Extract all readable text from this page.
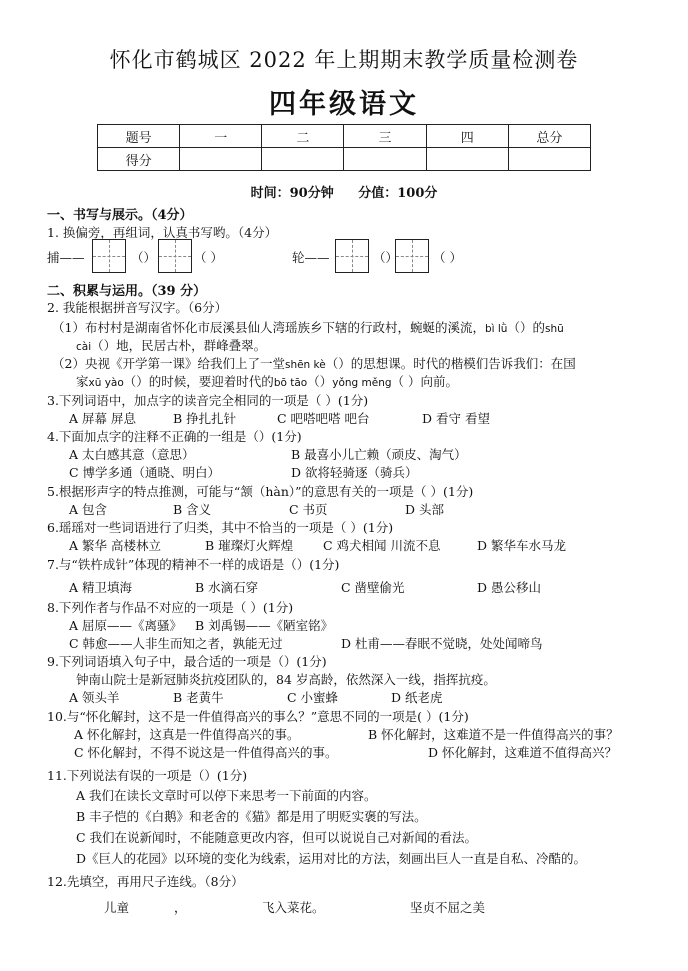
怀化市鹤城区 2022 年上期期末教学质量检测卷
四年级语文
题号	一	二	三	四	总分
得分					
时间：90分钟 分值：100分
一、书写与展示。（4分）
1. 换偏旁，再组词，认真书写哟。（4分）
捕——	（）	（ ）	轮——	（）	（ ）
二、积累与运用。（39 分）
2. 我能根据拼音写汉字。（6分）
（1）布村村是湖南省怀化市辰溪县仙人湾瑶族乡下辖的行政村，蜿蜒的溪流，bì lǜ（）的shū
cài（）地，民居古朴，群峰叠翠。
（2）央视《开学第一课》给我们上了一堂shēn kè（）的思想课。时代的楷模们告诉我们：在国
家xū yào（）的时候，要迎着时代的bō tāo（）yǒng měng（ ）向前。
3.下列词语中，加点字的读音完全相同的一项是（ ）(1分)
A 屏幕 屏息	B 挣扎扎针	C 吧嗒吧嗒 吧台	D 看守 看望
4.下面加点字的注释不正确的一组是（）(1分)
A 太白感其意（意思）	B 最喜小儿亡赖（顽皮、淘气）
C 博学多通（通晓、明白）	D 欲将轻骑逐（骑兵）
5.根据形声字的特点推测，可能与“颔（hàn）”的意思有关的一项是（ ）(1分)
A 包含	B 含义	C 书页	D 头部
6.瑶瑶对一些词语进行了归类，其中不恰当的一项是（ ）(1分)
A 繁华 高楼林立	B 璀璨灯火辉煌 C 鸡犬相闻 川流不息	D 繁华车水马龙
7.与“铁杵成针”体现的精神不一样的成语是（）(1分)
A 精卫填海	B 水滴石穿	C 凿壁偷光	D 愚公移山
8.下列作者与作品不对应的一项是（ ）(1分)
A 屈原——《离骚》 B 刘禹锡——《陋室铭》
C 韩愈——人非生而知之者，孰能无过	D 杜甫——春眠不觉晓，处处闻啼鸟
9.下列词语填入句子中，最合适的一项是（）(1分)
钟南山院士是新冠肺炎抗疫团队的，84 岁高龄，依然深入一线，指挥抗疫。
A 领头羊	B 老黄牛	C 小蜜蜂	D 纸老虎
10.与“怀化解封，这不是一件值得高兴的事么？”意思不同的一项是( ）(1分)
A 怀化解封，这真是一件值得高兴的事。	B 怀化解封，这难道不是一件值得高兴的事？
C 怀化解封，不得不说这是一件值得高兴的事。	D 怀化解封，这难道不值得高兴？
11.下列说法有误的一项是（）(1分)
A 我们在读长文章时可以停下来思考一下前面的内容。
B 丰子恺的《白鹅》和老舍的《猫》都是用了明贬实褒的写法。
C 我们在说新闻时，不能随意更改内容，但可以说说自己对新闻的看法。
D《巨人的花园》以环境的变化为线索，运用对比的方法，刻画出巨人一直是自私、冷酷的。
12.先填空，再用尺子连线。（8分）
儿童	，	飞入菜花。	坚贞不屈之美
